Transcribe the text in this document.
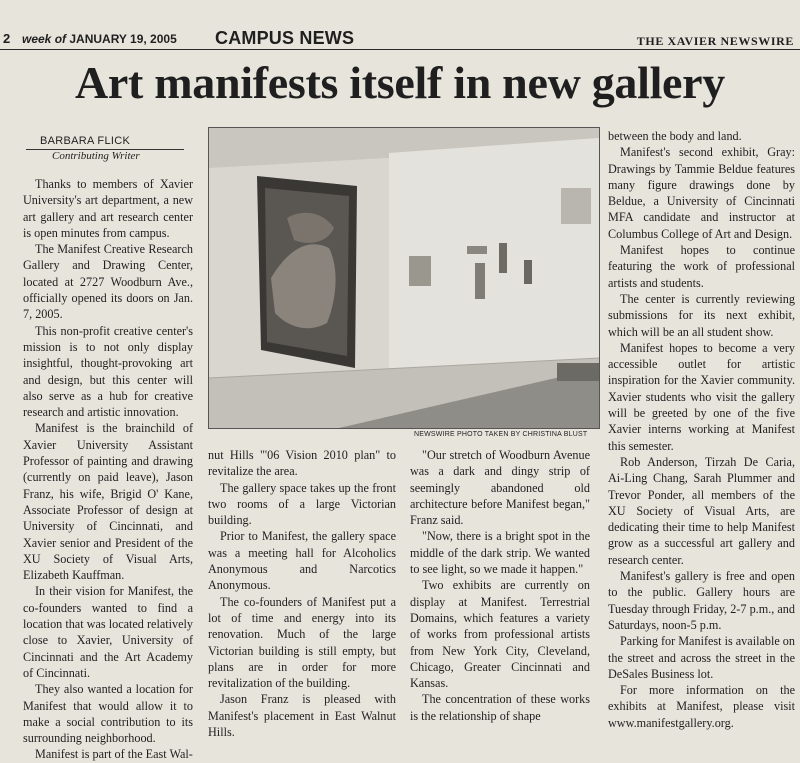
2 week of JANUARY 19, 2005 CAMPUS NEWS	THE XAVIER NEWSWIRE
Art manifests itself in new gallery
BARBARA FLICK
Contributing Writer

Thanks to members of Xavier University's art department, a new art gallery and art research center is open minutes from campus.

The Manifest Creative Research Gallery and Drawing Center, located at 2727 Woodburn Ave., officially opened its doors on Jan. 7, 2005.

This non-profit creative center's mission is to not only display insightful, thought-provoking art and design, but this center will also serve as a hub for creative research and artistic innovation.

Manifest is the brainchild of Xavier University Assistant Professor of painting and drawing (currently on paid leave), Jason Franz, his wife, Brigid O' Kane, Associate Professor of design at University of Cincinnati, and Xavier senior and President of the XU Society of Visual Arts, Elizabeth Kauffman.

In their vision for Manifest, the co-founders wanted to find a location that was located relatively close to Xavier, University of Cincinnati and the Art Academy of Cincinnati.

They also wanted a location for Manifest that would allow it to make a social contribution to its surrounding neighborhood.

Manifest is part of the East Wal-

NEWSWIRE PHOTO TAKEN BY CHRISTINA BLUST

nut Hills "'06 Vision 2010 plan" to revitalize the area.

The gallery space takes up the front two rooms of a large Victorian building.

Prior to Manifest, the gallery space was a meeting hall for Alcoholics Anonymous and Narcotics Anonymous.

The co-founders of Manifest put a lot of time and energy into its renovation. Much of the large Victorian building is still empty, but plans are in order for more revitalization of the building.

Jason Franz is pleased with Manifest's placement in East Walnut Hills.

"Our stretch of Woodburn Avenue was a dark and dingy strip of seemingly abandoned old architecture before Manifest began," Franz said.

"Now, there is a bright spot in the middle of the dark strip. We wanted to see light, so we made it happen."

Two exhibits are currently on display at Manifest. Terrestrial Domains, which features a variety of works from professional artists from New York City, Cleveland, Chicago, Greater Cincinnati and Kansas.

The concentration of these works is the relationship of shape

between the body and land.

Manifest's second exhibit, Gray: Drawings by Tammie Beldue features many figure drawings done by Beldue, a University of Cincinnati MFA candidate and instructor at Columbus College of Art and Design.

Manifest hopes to continue featuring the work of professional artists and students.

The center is currently reviewing submissions for its next exhibit, which will be an all student show.

Manifest hopes to become a very accessible outlet for artistic inspiration for the Xavier community. Xavier students who visit the gallery will be greeted by one of the five Xavier interns working at Manifest this semester.

Rob Anderson, Tirzah De Caria, Ai-Ling Chang, Sarah Plummer and Trevor Ponder, all members of the XU Society of Visual Arts, are dedicating their time to help Manifest grow as a successful art gallery and research center.

Manifest's gallery is free and open to the public. Gallery hours are Tuesday through Friday, 2-7 p.m., and Saturdays, noon-5 p.m.

Parking for Manifest is available on the street and across the street in the DeSales Business lot.

For more information on the exhibits at Manifest, please visit www.manifestgallery.org.
